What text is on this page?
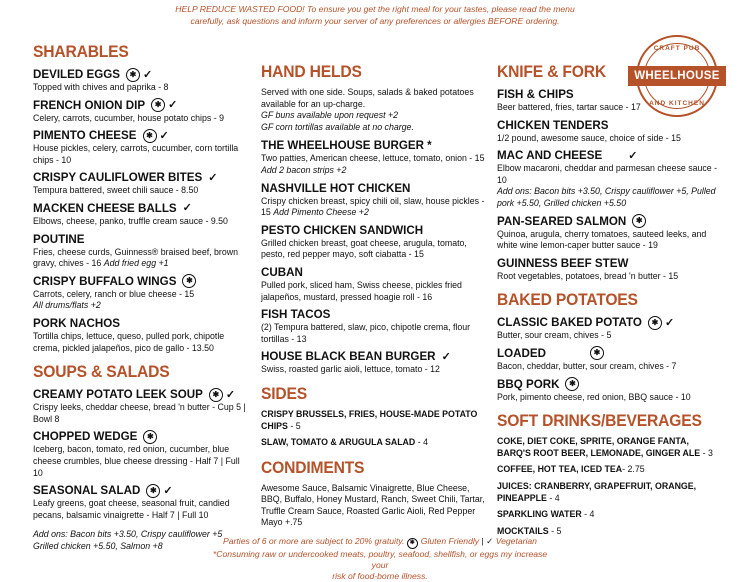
HELP REDUCE WASTED FOOD! To ensure you get the right meal for your tastes, please read the menu
carefully, ask questions and inform your server of any preferences or allergies BEFORE ordering.
CRAFT PUB
WHEELHOUSE
AND KITCHEN
SHARABLES
DEVILED EGGS	✱ ✓
Topped with chives and paprika - 8
FRENCH ONION DIP	✱ ✓
Celery, carrots, cucumber, house potato chips - 9
PIMENTO CHEESE	✱ ✓
House pickles, celery, carrots, cucumber, corn tortilla chips - 10
CRISPY CAULIFLOWER BITES ✓
Tempura battered, sweet chili sauce - 8.50
MACKEN CHEESE BALLS ✓
Elbows, cheese, panko, truffle cream sauce - 9.50
POUTINE
Fries, cheese curds, Guinness® braised beef, brown gravy, chives - 16 Add fried egg +1
CRISPY BUFFALO WINGS	✱
Carrots, celery, ranch or blue cheese - 15
All drums/flats +2
PORK NACHOS
Tortilla chips, lettuce, queso, pulled pork, chipotle crema, pickled jalapeños, pico de gallo - 13.50
SOUPS & SALADS
CREAMY POTATO LEEK SOUP	✱ ✓
Crispy leeks, cheddar cheese, bread 'n butter - Cup 5 | Bowl 8
CHOPPED WEDGE	✱
Iceberg, bacon, tomato, red onion, cucumber, blue cheese crumbles, blue cheese dressing - Half 7 | Full 10
SEASONAL SALAD	✱ ✓
Leafy greens, goat cheese, seasonal fruit, candied pecans, balsamic vinaigrette - Half 7 | Full 10
Add ons: Bacon bits +3.50, Crispy cauliflower +5
Grilled chicken +5.50, Salmon +8
HAND HELDS
Served with one side. Soups, salads & baked potatoes available for an up-charge.
GF buns available upon request +2
GF corn tortillas available at no charge.
THE WHEELHOUSE BURGER *
Two patties, American cheese, lettuce, tomato, onion - 15 Add 2 bacon strips +2
NASHVILLE HOT CHICKEN
Crispy chicken breast, spicy chili oil, slaw, house pickles - 15 Add Pimento Cheese +2
PESTO CHICKEN SANDWICH
Grilled chicken breast, goat cheese, arugula, tomato, pesto, red pepper mayo, soft ciabatta - 15
CUBAN
Pulled pork, sliced ham, Swiss cheese, pickles fried jalapeños, mustard, pressed hoagie roll - 16
FISH TACOS
(2) Tempura battered, slaw, pico, chipotle crema, flour tortillas - 13
HOUSE BLACK BEAN BURGER ✓
Swiss, roasted garlic aioli, lettuce, tomato - 12
SIDES
CRISPY BRUSSELS, FRIES, HOUSE-MADE POTATO CHIPS - 5
SLAW, TOMATO & ARUGULA SALAD - 4
CONDIMENTS
Awesome Sauce, Balsamic Vinaigrette, Blue Cheese, BBQ, Buffalo, Honey Mustard, Ranch, Sweet Chili, Tartar, Truffle Cream Sauce, Roasted Garlic Aioli, Red Pepper Mayo +.75
KNIFE & FORK
FISH & CHIPS
Beer battered, fries, tartar sauce - 17
CHICKEN TENDERS
1/2 pound, awesome sauce, choice of side - 15
MAC AND CHEESE ✓
Elbow macaroni, cheddar and parmesan cheese sauce - 10
Add ons: Bacon bits +3.50, Crispy cauliflower +5, Pulled pork +5.50, Grilled chicken +5.50
PAN-SEARED SALMON	✱
Quinoa, arugula, cherry tomatoes, sauteed leeks, and white wine lemon-caper butter sauce - 19
GUINNESS BEEF STEW
Root vegetables, potatoes, bread 'n butter - 15
BAKED POTATOES
CLASSIC BAKED POTATO	✱ ✓
Butter, sour cream, chives - 5
LOADED	✱
Bacon, cheddar, butter, sour cream, chives - 7
BBQ PORK	✱
Pork, pimento cheese, red onion, BBQ sauce - 10
SOFT DRINKS/BEVERAGES
COKE, DIET COKE, SPRITE, ORANGE FANTA, BARQ'S ROOT BEER, LEMONADE, GINGER ALE - 3
COFFEE, HOT TEA, ICED TEA- 2.75
JUICES: CRANBERRY, GRAPEFRUIT, ORANGE, PINEAPPLE - 4
SPARKLING WATER - 4
MOCKTAILS - 5
Parties of 6 or more are subject to 20% gratuity. ✱ Gluten Friendly | ✓ Vegetarian
*Consuming raw or undercooked meats, poultry, seafood, shellfish, or eggs my increase your
risk of food-borne illness.
